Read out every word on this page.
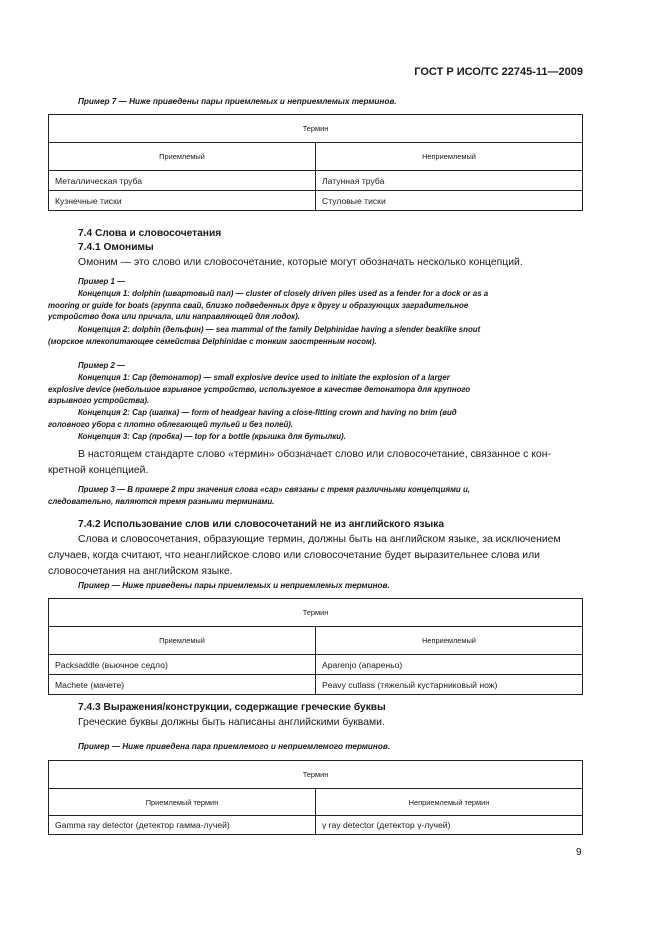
ГОСТ Р ИСО/ТС 22745-11—2009
Пример 7 — Ниже приведены пары приемлемых и неприемлемых терминов.
Термин	
Приемлемый	Неприемлемый
Металлическая труба	Латунная труба
Кузнечные тиски	Стуловые тиски
7.4 Слова и словосочетания
7.4.1 Омонимы
Омоним — это слово или словосочетание, которые могут обозначать несколько концепций.
Пример 1 —
Концепция 1: dolphin (швартовый пал) — cluster of closely driven piles used as a fender for a dock or as a
mooring or guide for boats (группа свай, близко подведенных друг к другу и образующих заградительное
устройство дока или причала, или направляющей для лодок).
Концепция 2: dolphin (дельфин) — sea mammal of the family Delphinidae having a slender beaklike snout
(морское млекопитающее семейства Delphinidae с тонким заостренным носом).
Пример 2 —
Концепция 1: Cap (детонатор) — small explosive device used to initiate the explosion of a larger
explosive device (небольшое взрывное устройство, используемое в качестве детонатора для крупного
взрывного устройства).
Концепция 2: Cap (шапка) — form of headgear having a close-fitting crown and having no brim (вид
головного убора с плотно облегающей тульей и без полей).
Концепция 3: Cap (пробка) — top for a bottle (крышка для бутылки).
В настоящем стандарте слово «термин» обозначает слово или словосочетание, связанное с кон-
кретной концепцией.
Пример 3 — В примере 2 три значения слова «cap» связаны с тремя различными концепциями и,
следовательно, являются тремя разными терминами.
7.4.2 Использование слов или словосочетаний не из английского языка
Слова и словосочетания, образующие термин, должны быть на английском языке, за исключением
случаев, когда считают, что неанглийское слово или словосочетание будет выразительнее слова или
словосочетания на английском языке.
Пример — Ниже приведены пары приемлемых и неприемлемых терминов.
Термин	
Приемлемый	Неприемлемый
Packsaddle (вьючное седло)	Aparenjo (апареньо)
Machete (мачете)	Peavy cutlass (тяжелый кустарниковый нож)
7.4.3 Выражения/конструкции, содержащие греческие буквы
Греческие буквы должны быть написаны английскими буквами.
Пример — Ниже приведена пара приемлемого и неприемлемого терминов.
Термин	
Приемлемый термин	Неприемлемый термин
Gamma ray detector (детектор гамма-лучей)	γ ray detector (детектор γ-лучей)
9
